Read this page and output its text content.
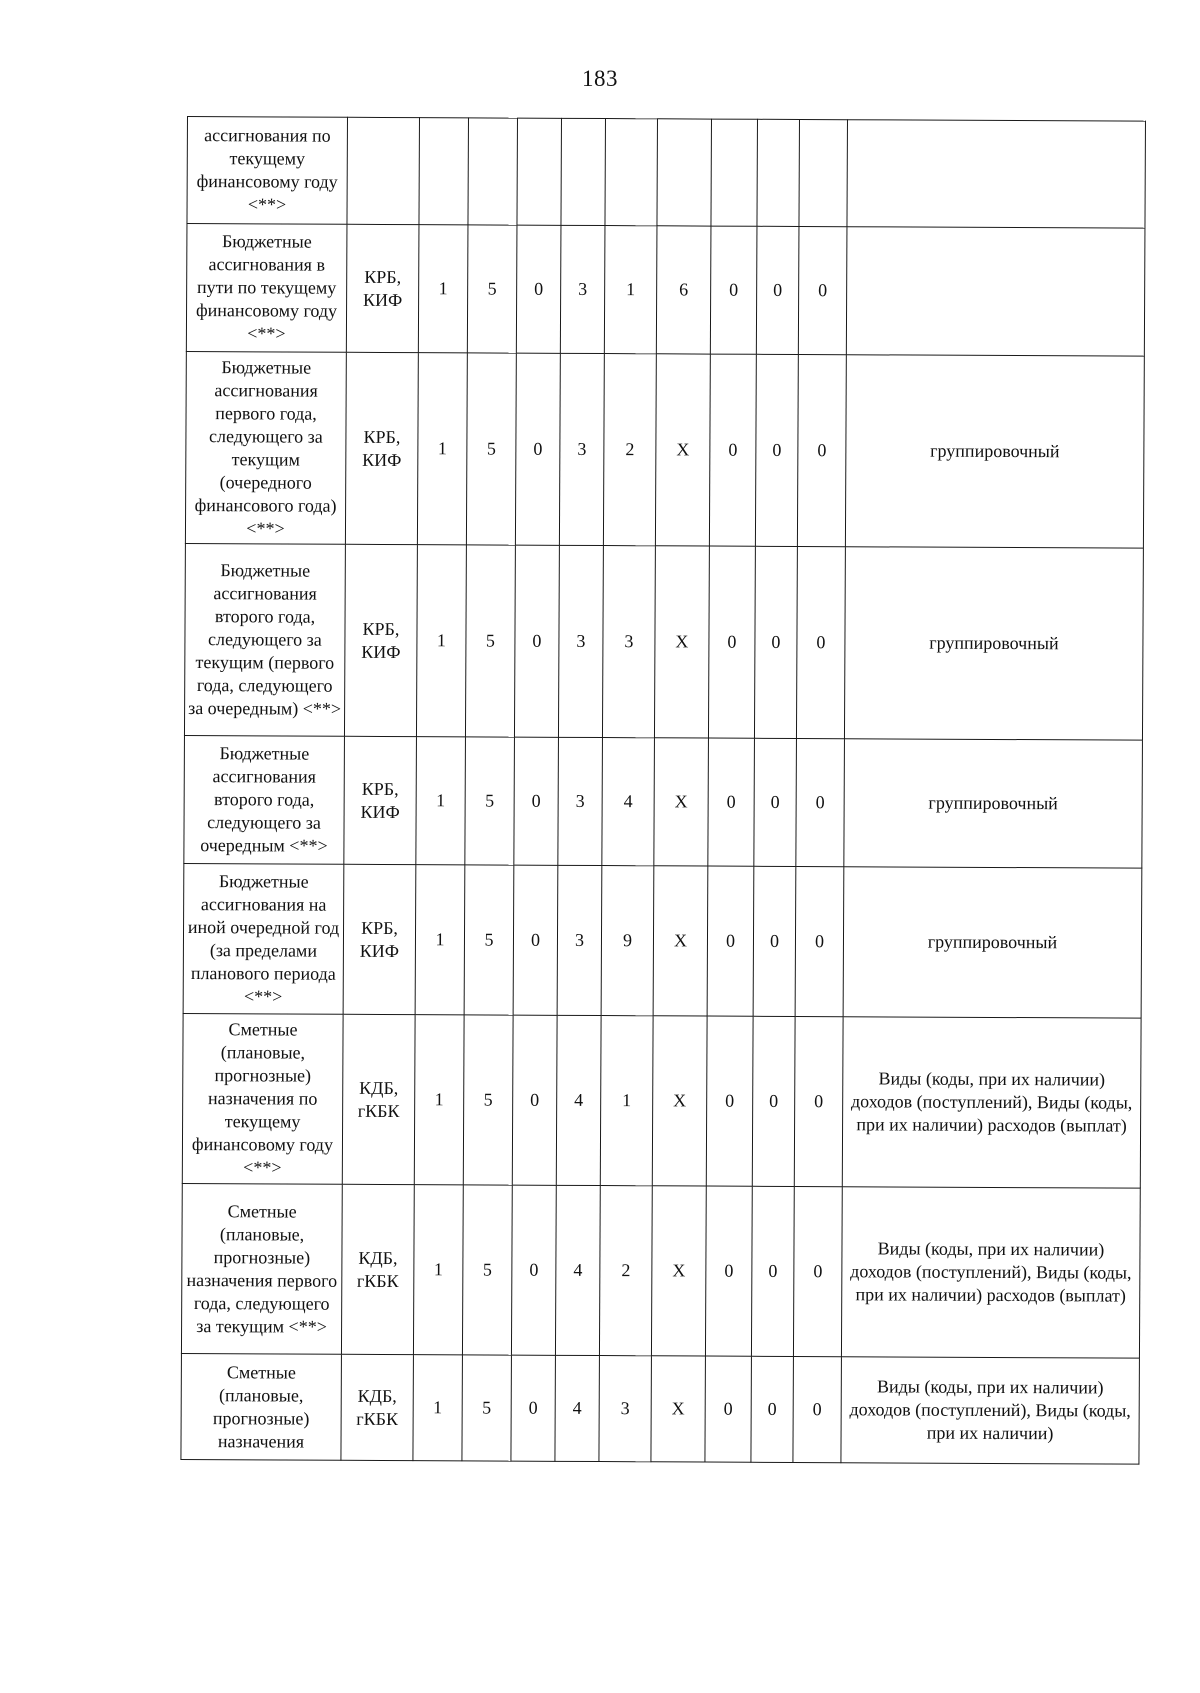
183
ассигнования по текущему финансовому году <**>											
Бюджетные ассигнования в пути по текущему финансовому году <**>	КРБ, КИФ	1	5	0	3	1	6	0	0	0	
Бюджетные ассигнования первого года, следующего за текущим (очередного финансового года) <**>	КРБ, КИФ	1	5	0	3	2	X	0	0	0	группировочный
Бюджетные ассигнования второго года, следующего за текущим (первого года, следующего за очередным) <**>	КРБ, КИФ	1	5	0	3	3	X	0	0	0	группировочный
Бюджетные ассигнования второго года, следующего за очередным <**>	КРБ, КИФ	1	5	0	3	4	X	0	0	0	группировочный
Бюджетные ассигнования на иной очередной год (за пределами планового периода <**>	КРБ, КИФ	1	5	0	3	9	X	0	0	0	группировочный
Сметные (плановые, прогнозные) назначения по текущему финансовому году <**>	КДБ, гКБК	1	5	0	4	1	X	0	0	0	Виды (коды, при их наличии) доходов (поступлений), Виды (коды, при их наличии) расходов (выплат)
Сметные (плановые, прогнозные) назначения первого года, следующего за текущим <**>	КДБ, гКБК	1	5	0	4	2	X	0	0	0	Виды (коды, при их наличии) доходов (поступлений), Виды (коды, при их наличии) расходов (выплат)
Сметные (плановые, прогнозные) назначения	КДБ, гКБК	1	5	0	4	3	X	0	0	0	Виды (коды, при их наличии) доходов (поступлений), Виды (коды, при их наличии)
